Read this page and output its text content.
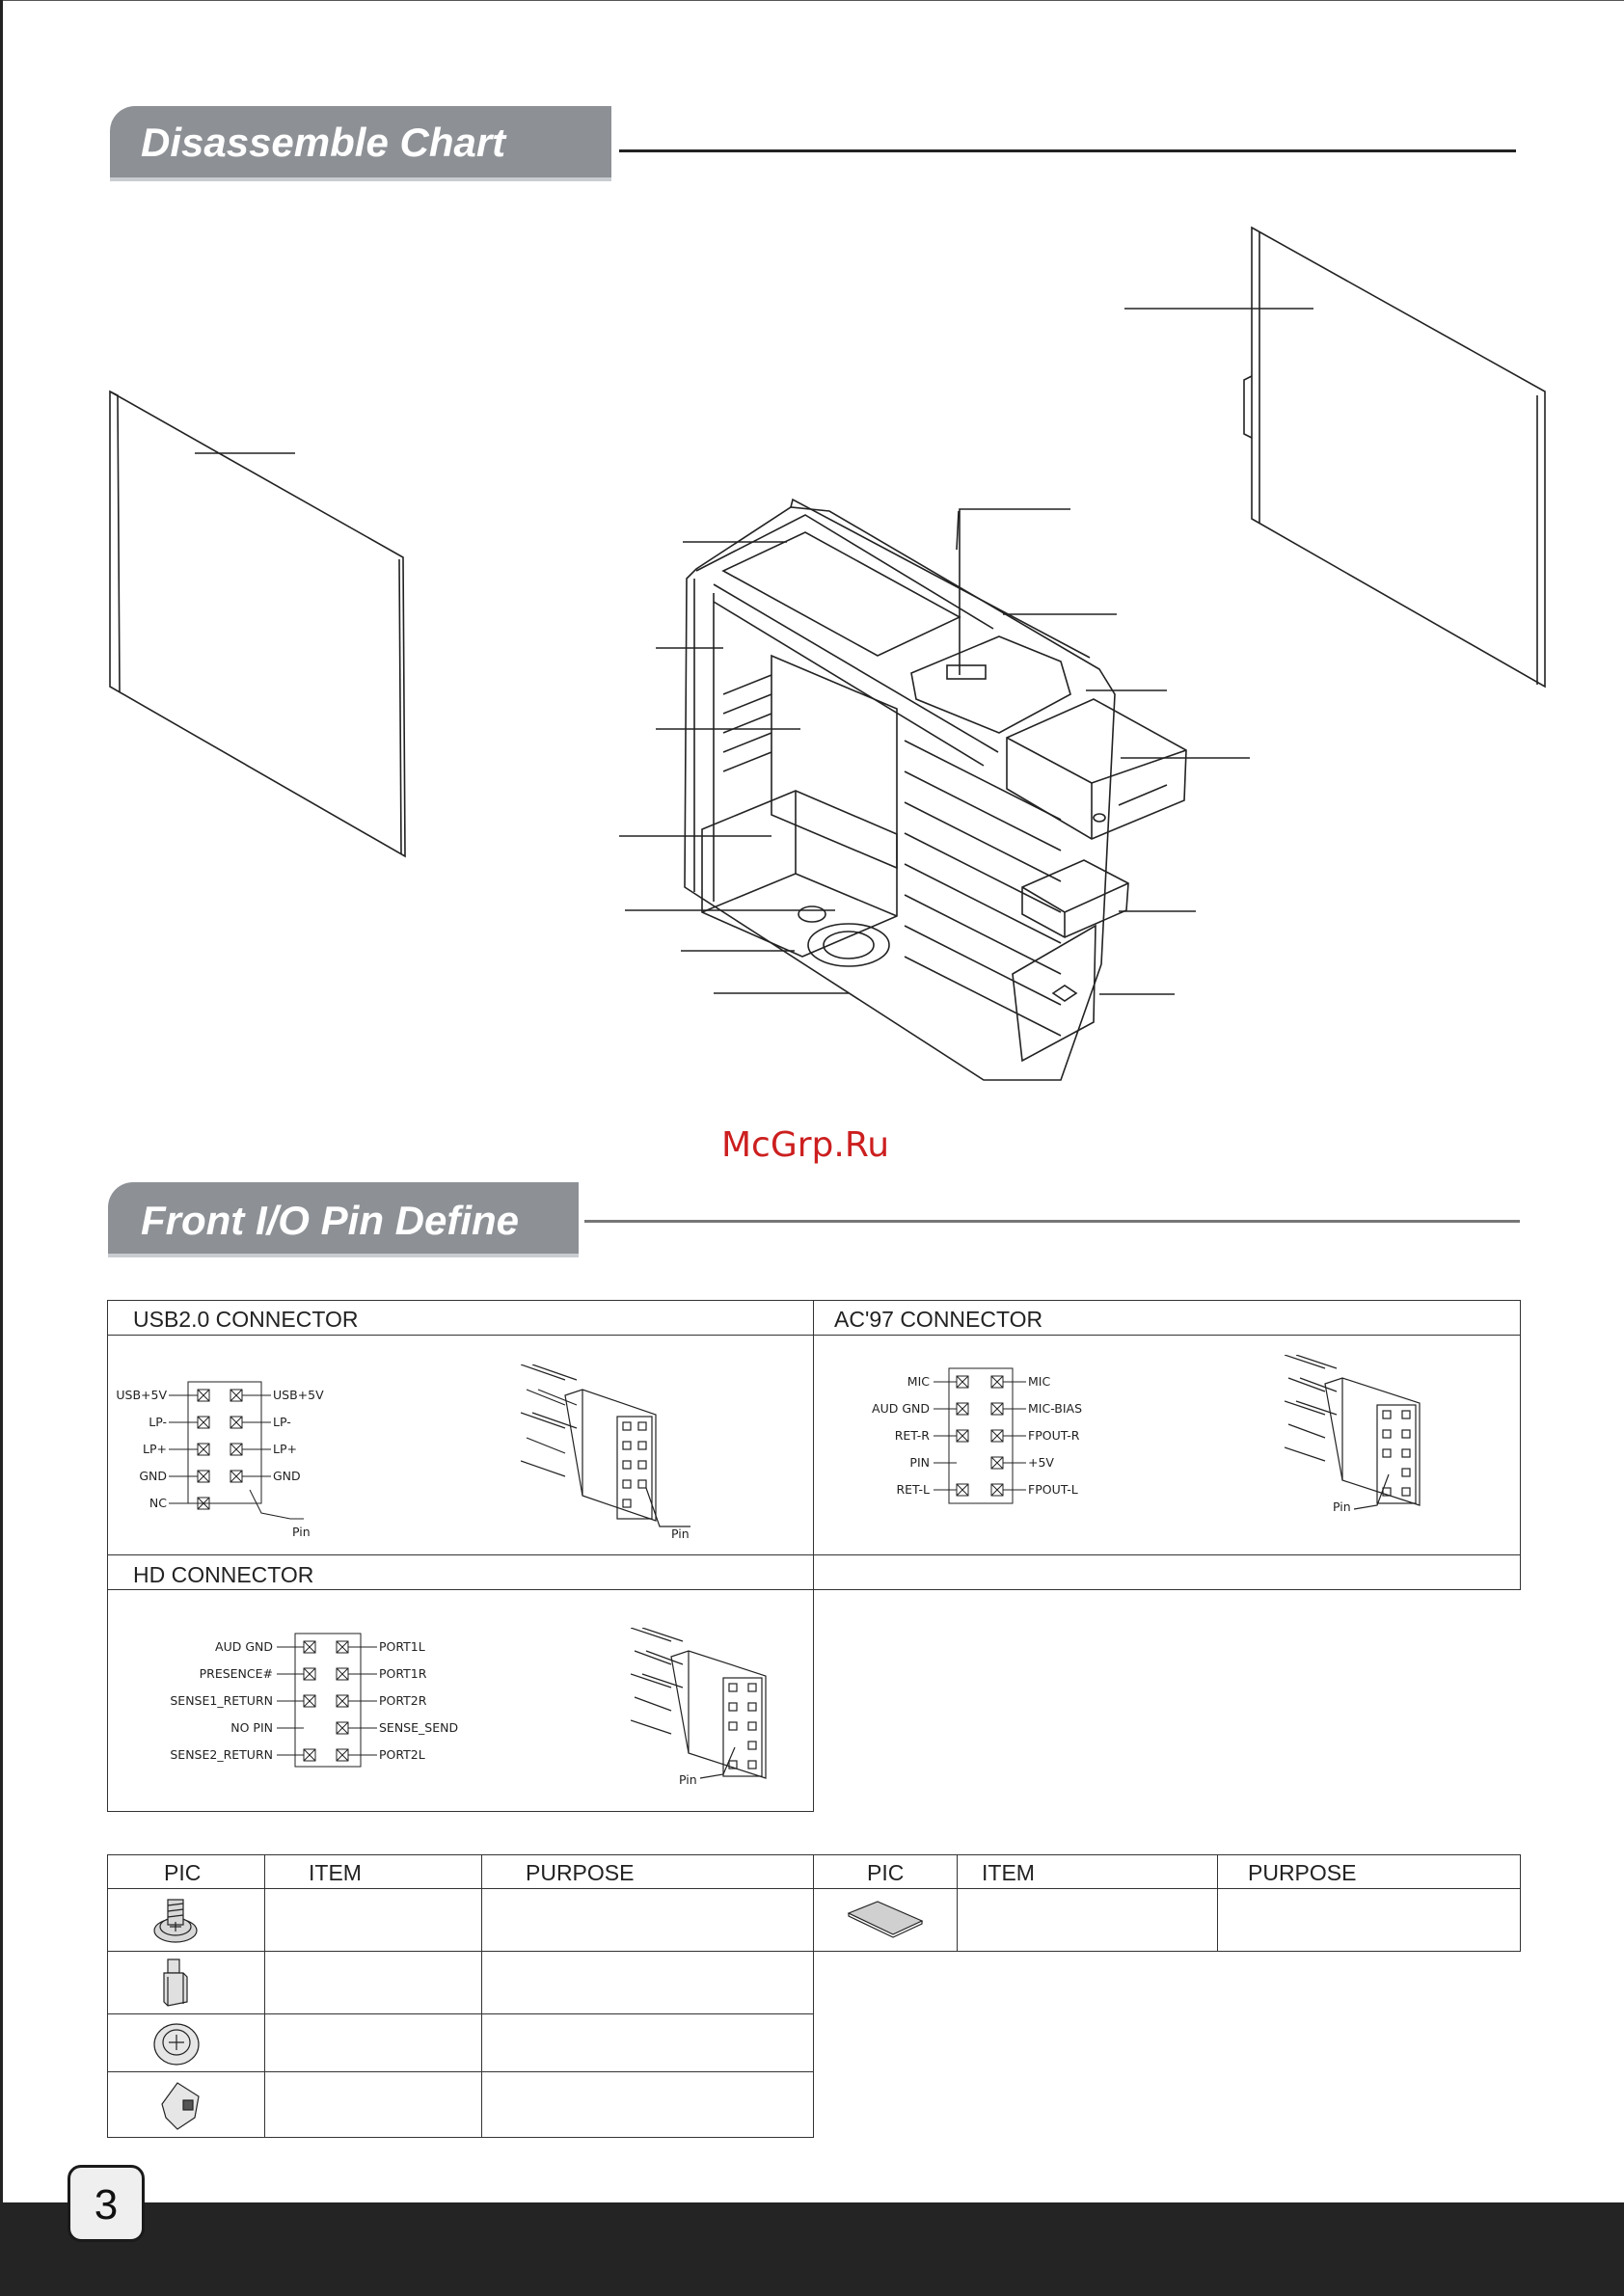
Disassemble Chart
McGrp.Ru
Front I/O Pin Define
USB2.0 CONNECTOR	AC'97 CONNECTOR
HD CONNECTOR
USB+5V
LP-
LP+
GND
NC
USB+5V
LP-
LP+
GND
Pin	Pin
MIC
AUD GND
RET-R
PIN
RET-L
MIC
MIC-BIAS
FPOUT-R
+5V
FPOUT-L
Pin
AUD GND
PRESENCE#
SENSE1_RETURN
NO PIN
SENSE2_RETURN
PORT1L
PORT1R
PORT2R
SENSE_SEND
PORT2L
Pin
PIC	ITEM	PURPOSE	PIC	ITEM	PURPOSE
3
